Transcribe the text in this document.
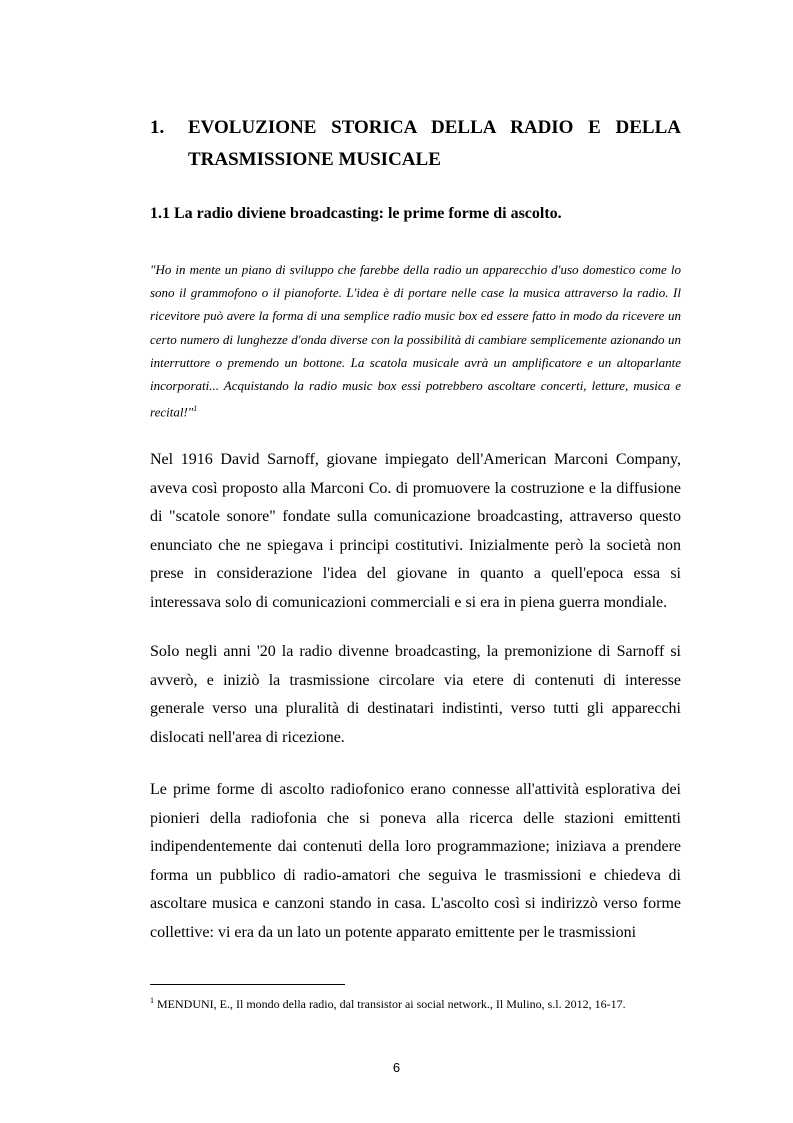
1. EVOLUZIONE STORICA DELLA RADIO E DELLA
TRASMISSIONE MUSICALE
1.1 La radio diviene broadcasting: le prime forme di ascolto.

"Ho in mente un piano di sviluppo che farebbe della radio un apparecchio d'uso domestico come lo sono il grammofono o il pianoforte. L'idea è di portare nelle case la musica attraverso la radio. Il ricevitore può avere la forma di una semplice radio music box ed essere fatto in modo da ricevere un certo numero di lunghezze d'onda diverse con la possibilità di cambiare semplicemente azionando un interruttore o premendo un bottone. La scatola musicale avrà un amplificatore e un altoparlante incorporati... Acquistando la radio music box essi potrebbero ascoltare concerti, letture, musica e recital!"$^1$

Nel 1916 David Sarnoff, giovane impiegato dell'American Marconi Company, aveva così proposto alla Marconi Co. di promuovere la costruzione e la diffusione di "scatole sonore" fondate sulla comunicazione broadcasting, attraverso questo enunciato che ne spiegava i principi costitutivi. Inizialmente però la società non prese in considerazione l'idea del giovane in quanto a quell'epoca essa si interessava solo di comunicazioni commerciali e si era in piena guerra mondiale.

Solo negli anni '20 la radio divenne broadcasting, la premonizione di Sarnoff si avverò, e iniziò la trasmissione circolare via etere di contenuti di interesse generale verso una pluralità di destinatari indistinti, verso tutti gli apparecchi dislocati nell'area di ricezione.

Le prime forme di ascolto radiofonico erano connesse all'attività esplorativa dei pionieri della radiofonia che si poneva alla ricerca delle stazioni emittenti indipendentemente dai contenuti della loro programmazione; iniziava a prendere forma un pubblico di radio-amatori che seguiva le trasmissioni e chiedeva di ascoltare musica e canzoni stando in casa. L'ascolto così si indirizzò verso forme collettive: vi era da un lato un potente apparato emittente per le trasmissioni

$^1$ MENDUNI, E., Il mondo della radio, dal transistor ai social network., Il Mulino, s.l. 2012, 16-17.
6
